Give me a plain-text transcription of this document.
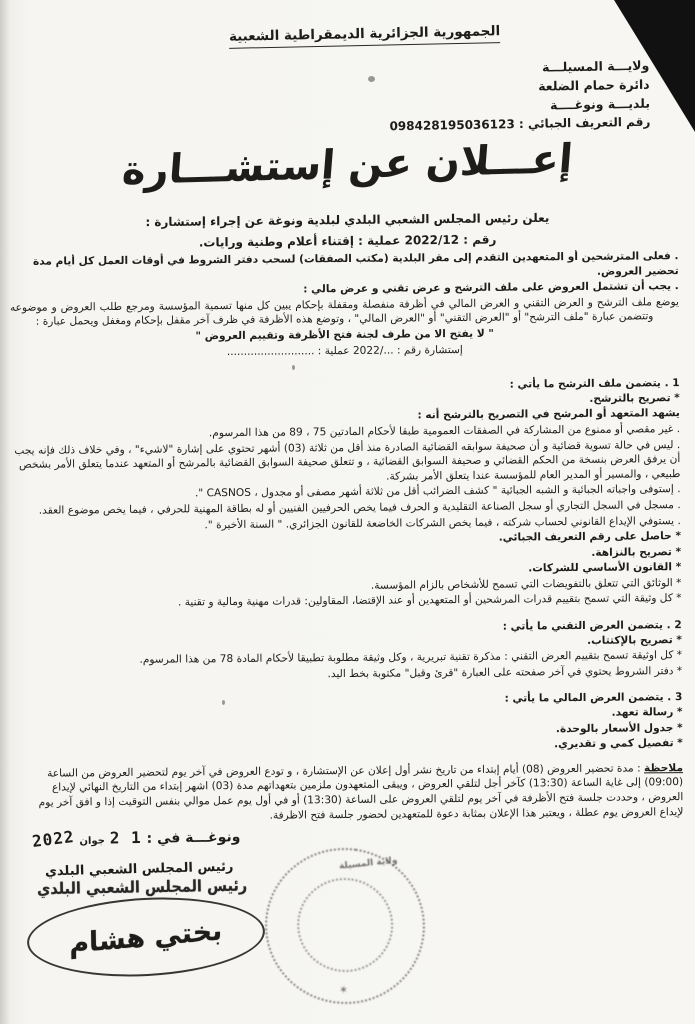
الجمهورية الجزائرية الديمقراطية الشعبية
ولايـــة المسيلـــة
دائرة حمام الضلعة
بلديـــة ونوغــــة
رقم التعريف الجبائي : 098428195036123
إعـــلان عن إستشـــارة
يعلن رئيس المجلس الشعبي البلدي لبلدية ونوغة عن إجراء إستشارة :
رقم : 2022/12 عملية : إقتناء أعلام وطنية ورايات.
. فعلى المترشحين أو المتعهدين التقدم إلى مقر البلدية (مكتب الصفقات) لسحب دفتر الشروط في أوقات العمل كل أيام مدة تحضير العروض.
. يجب أن تشتمل العروض على ملف الترشح و عرض تقني و عرض مالي :
يوضع ملف الترشح و العرض التقني و العرض المالي في أظرفة منفصلة ومقفلة بإحكام يبين كل منها تسمية المؤسسة ومرجع طلب العروض و موضوعه وتتضمن عبارة "ملف الترشح" أو "العرض التقني" أو "العرض المالي" ، وتوضع هذه الأظرفة في ظرف آخر مقفل بإحكام ومغفل ويحمل عبارة :
" لا يفتح الا من طرف لجنة فتح الأظرفة وتقييم العروض "
إستشارة رقم : .../2022 عملية : ..........................
1 . يتضمن ملف الترشح ما يأتي :
* تصريح بالترشح.
يشهد المتعهد أو المرشح في التصريح بالترشح أنه :
. غير مقصي أو ممنوع من المشاركة في الصفقات العمومية طبقا لأحكام المادتين 75 ، 89 من هذا المرسوم.
. ليس في حالة تسوية قضائية و أن صحيفة سوابقه القضائية الصادرة منذ أقل من ثلاثة (03) أشهر تحتوي على إشارة "لاشيء" ، وفي خلاف ذلك فإنه يجب أن يرفق العرض بنسخة من الحكم القضائي و صحيفة السوابق القضائية ، و تتعلق صحيفة السوابق القضائية بالمرشح أو المتعهد عندما يتعلق الأمر بشخص طبيعي ، والمسير أو المدير العام للمؤسسة عندا يتعلق الأمر بشركة.
. إستوفى واجباته الجبائية و الشبه الجبائية " كشف الضرائب أقل من ثلاثة أشهر مصفى أو مجدول ، CASNOS ".
. مسجل في السجل التجاري أو سجل الصناعة التقليدية و الحرف فيما يخص الحرفيين الفنيين أو له بطاقة المهنية للحرفي ، فيما يخص موضوع العقد.
. يستوفي الإيداع القانوني لحساب شركته ، فيما يخص الشركات الخاضعة للقانون الجزائري. " السنة الأخيرة ".
* حاصل على رقم التعريف الجبائي.
* تصريح بالنزاهة.
* القانون الأساسي للشركات.
* الوثائق التي تتعلق بالتفويضات التي تسمح للأشخاص بالزام المؤسسة.
* كل وثيقة التي تسمح بتقييم قدرات المرشحين أو المتعهدين أو عند الإقتضا، المقاولين: قدرات مهنية ومالية و تقنية .
2 . يتضمن العرض التقني ما يأتي :
* تصريح بالإكتتاب.
* كل اوثيقة تسمح بتقييم العرض التقني : مذكرة تقنية تبريرية ، وكل وثيقة مطلوبة تطبيقا لأحكام المادة 78 من هذا المرسوم.
* دفتر الشروط يحتوي في آخر صفحته على العبارة "قرئ وقبل" مكتوبة بخط اليد.
3 . يتضمن العرض المالي ما يأتي :
* رسالة تعهد.
* جدول الأسعار بالوحدة.
* تفصيل كمي و تقديري.
ملاحظة : مدة تحضير العروض (08) أيام إبتداء من تاريخ نشر أول إعلان عن الإستشارة ، و تودع العروض في آخر يوم لتحضير العروض من الساعة (09:00) إلى غاية الساعة (13:30) كآخر أجل لتلقي العروض ، ويبقى المتعهدون ملزمين بتعهداتهم مدة (03) اشهر إبتداء من التاريخ النهائي لإيداع العروض ، وحددت جلسة فتح الأظرفة في آخر يوم لتلقي العروض على الساعة (13:30) أو في أول يوم عمل موالي بنفس التوقيت إذا و افق آخر يوم لإيداع العروض يوم عطلة ، ويعتبر هذا الإعلان بمثابة دعوة للمتعهدين لحضور جلسة فتح الاظرفة.
ونوغـــة في : 1 2 جوان 2022
رئيس المجلس الشعبي البلدي
رئيس المجلس الشعبي البلدي
بختي هشام
ولاية المسيلة
✶
